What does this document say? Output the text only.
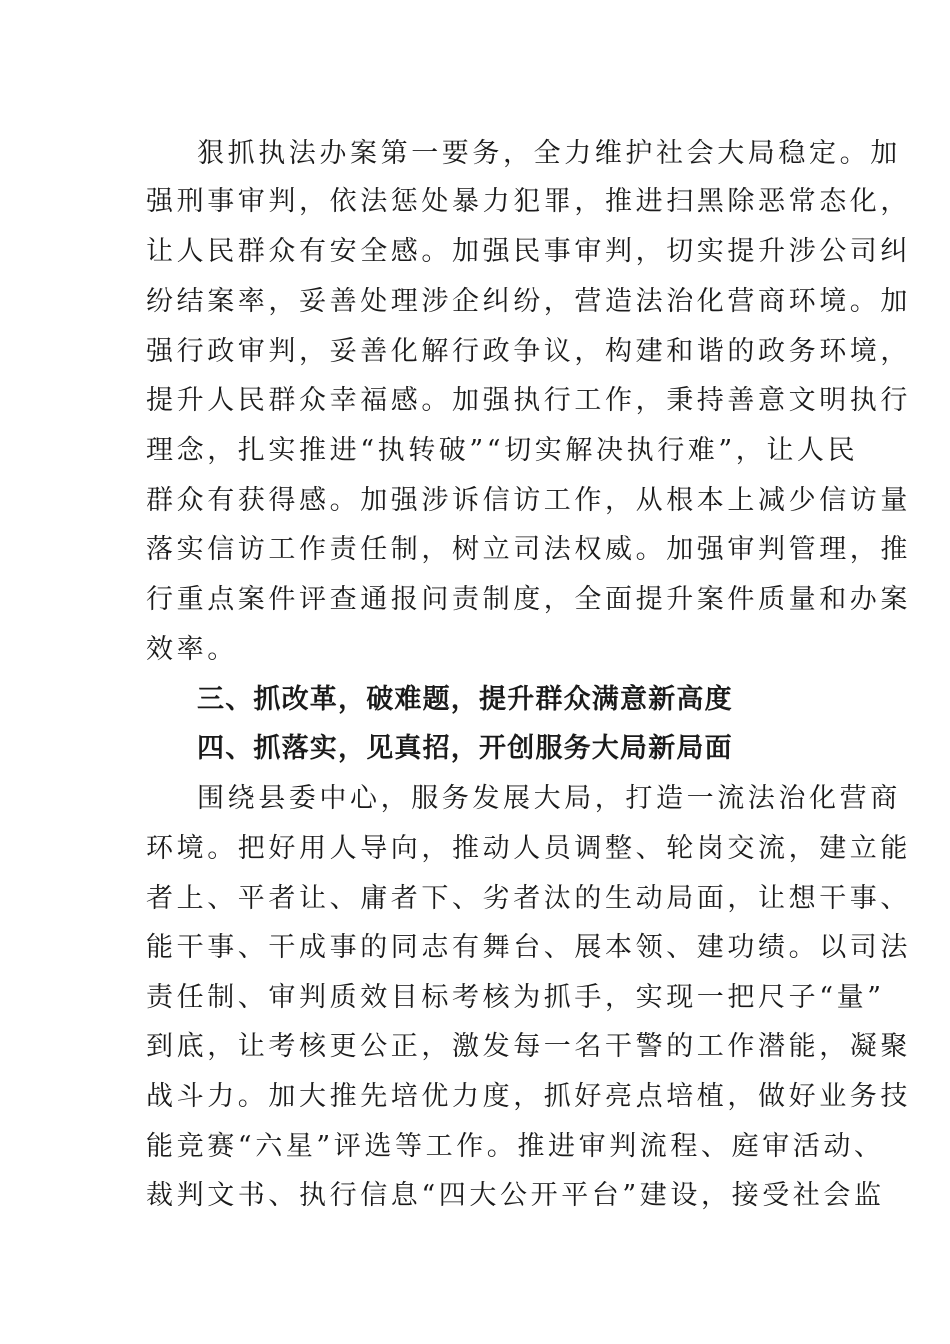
狠抓执法办案第一要务，全力维护社会大局稳定。加
强刑事审判，依法惩处暴力犯罪，推进扫黑除恶常态化，
让人民群众有安全感。加强民事审判，切实提升涉公司纠
纷结案率，妥善处理涉企纠纷，营造法治化营商环境。加
强行政审判，妥善化解行政争议，构建和谐的政务环境，
提升人民群众幸福感。加强执行工作，秉持善意文明执行
理念，扎实推进“执转破”“切实解决执行难”，让人民
群众有获得感。加强涉诉信访工作，从根本上减少信访量
落实信访工作责任制，树立司法权威。加强审判管理，推
行重点案件评查通报问责制度，全面提升案件质量和办案
效率。
三、抓改革，破难题，提升群众满意新高度
四、抓落实，见真招，开创服务大局新局面
围绕县委中心，服务发展大局，打造一流法治化营商
环境。把好用人导向，推动人员调整、轮岗交流，建立能
者上、平者让、庸者下、劣者汰的生动局面，让想干事、
能干事、干成事的同志有舞台、展本领、建功绩。以司法
责任制、审判质效目标考核为抓手，实现一把尺子“量”
到底，让考核更公正，激发每一名干警的工作潜能，凝聚
战斗力。加大推先培优力度，抓好亮点培植，做好业务技
能竞赛“六星”评选等工作。推进审判流程、庭审活动、
裁判文书、执行信息“四大公开平台”建设，接受社会监
